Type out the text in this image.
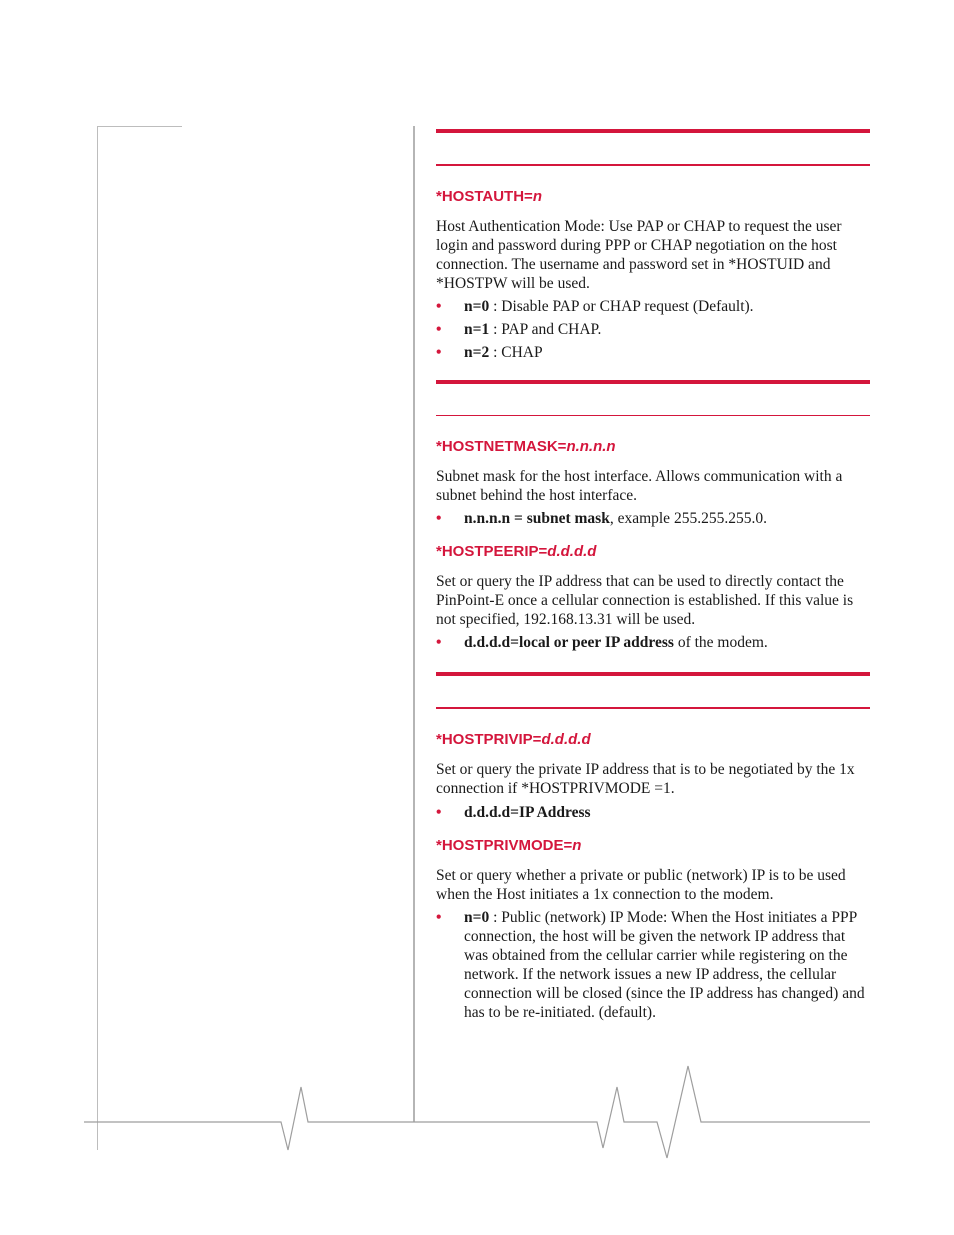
*HOSTAUTH=n

Host Authentication Mode: Use PAP or CHAP to request the user login and password during PPP or CHAP negotiation on the host connection. The username and password set in *HOSTUID and *HOSTPW will be used.

• n=0 : Disable PAP or CHAP request (Default).
• n=1 : PAP and CHAP.
• n=2 : CHAP
*HOSTNETMASK=n.n.n.n

Subnet mask for the host interface. Allows communication with a subnet behind the host interface.

• n.n.n.n = subnet mask, example 255.255.255.0.
*HOSTPEERIP=d.d.d.d

Set or query the IP address that can be used to directly contact the PinPoint-E once a cellular connection is established. If this value is not specified, 192.168.13.31 will be used.

• d.d.d.d=local or peer IP address of the modem.
*HOSTPRIVIP=d.d.d.d

Set or query the private IP address that is to be negotiated by the 1x connection if *HOSTPRIVMODE =1.

• d.d.d.d=IP Address
*HOSTPRIVMODE=n

Set or query whether a private or public (network) IP is to be used when the Host initiates a 1x connection to the modem.

• n=0 : Public (network) IP Mode: When the Host initiates a PPP connection, the host will be given the network IP address that was obtained from the cellular carrier while registering on the network. If the network issues a new IP address, the cellular connection will be closed (since the IP address has changed) and has to be re-initiated. (default).
